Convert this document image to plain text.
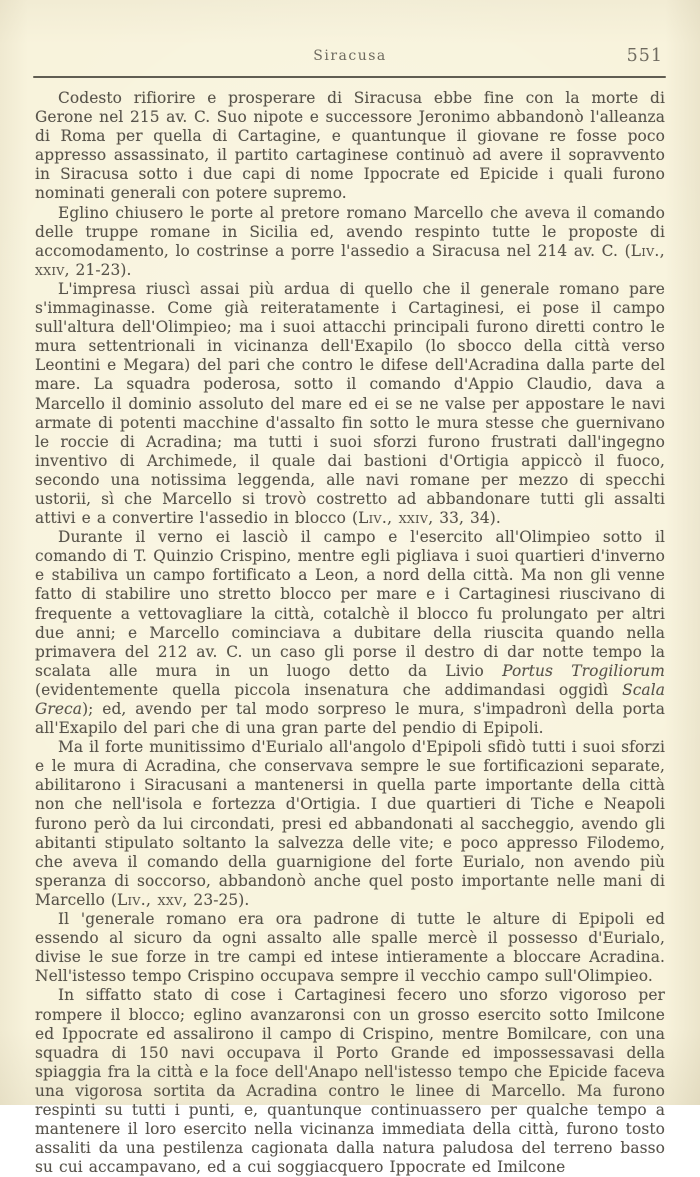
Siracusa	551

Codesto rifiorire e prosperare di Siracusa ebbe fine con la morte di Gerone nel 215 av. C. Suo nipote e successore Jeronimo abbandonò l'alleanza di Roma per quella di Cartagine, e quantunque il giovane re fosse poco appresso assassinato, il partito cartaginese continuò ad avere il sopravvento in Siracusa sotto i due capi di nome Ippocrate ed Epicide i quali furono nominati generali con potere supremo.

Eglino chiusero le porte al pretore romano Marcello che aveva il comando delle truppe romane in Sicilia ed, avendo respinto tutte le proposte di accomodamento, lo costrinse a porre l'assedio a Siracusa nel 214 av. C. (Liv., xxiv, 21-23).

L'impresa riuscì assai più ardua di quello che il generale romano pare s'immaginasse. Come già reiteratamente i Cartaginesi, ei pose il campo sull'altura dell'Olimpieo; ma i suoi attacchi principali furono diretti contro le mura settentrionali in vicinanza dell'Exapilo (lo sbocco della città verso Leontini e Megara) del pari che contro le difese dell'Acradina dalla parte del mare. La squadra poderosa, sotto il comando d'Appio Claudio, dava a Marcello il dominio assoluto del mare ed ei se ne valse per appostare le navi armate di potenti macchine d'assalto fin sotto le mura stesse che guernivano le roccie di Acradina; ma tutti i suoi sforzi furono frustrati dall'ingegno inventivo di Archimede, il quale dai bastioni d'Ortigia appiccò il fuoco, secondo una notissima leggenda, alle navi romane per mezzo di specchi ustorii, sì che Marcello si trovò costretto ad abbandonare tutti gli assalti attivi e a convertire l'assedio in blocco (Liv., xxiv, 33, 34).

Durante il verno ei lasciò il campo e l'esercito all'Olimpieo sotto il comando di T. Quinzio Crispino, mentre egli pigliava i suoi quartieri d'inverno e stabiliva un campo fortificato a Leon, a nord della città. Ma non gli venne fatto di stabilire uno stretto blocco per mare e i Cartaginesi riuscivano di frequente a vettovagliare la città, cotalchè il blocco fu prolungato per altri due anni; e Marcello cominciava a dubitare della riuscita quando nella primavera del 212 av. C. un caso gli porse il destro di dar notte tempo la scalata alle mura in un luogo detto da Livio Portus Trogiliorum (evidentemente quella piccola insenatura che addimandasi oggidì Scala Greca); ed, avendo per tal modo sorpreso le mura, s'impadronì della porta all'Exapilo del pari che di una gran parte del pendio di Epipoli.

Ma il forte munitissimo d'Eurialo all'angolo d'Epipoli sfidò tutti i suoi sforzi e le mura di Acradina, che conservava sempre le sue fortificazioni separate, abilitarono i Siracusani a mantenersi in quella parte importante della città non che nell'isola e fortezza d'Ortigia. I due quartieri di Tiche e Neapoli furono però da lui circondati, presi ed abbandonati al saccheggio, avendo gli abitanti stipulato soltanto la salvezza delle vite; e poco appresso Filodemo, che aveva il comando della guarnigione del forte Eurialo, non avendo più speranza di soccorso, abbandonò anche quel posto importante nelle mani di Marcello (Liv., xxv, 23-25).

Il 'generale romano era ora padrone di tutte le alture di Epipoli ed essendo al sicuro da ogni assalto alle spalle mercè il possesso d'Eurialo, divise le sue forze in tre campi ed intese intieramente a bloccare Acradina. Nell'istesso tempo Crispino occupava sempre il vecchio campo sull'Olimpieo.

In siffatto stato di cose i Cartaginesi fecero uno sforzo vigoroso per rompere il blocco; eglino avanzaronsi con un grosso esercito sotto Imilcone ed Ippocrate ed assalirono il campo di Crispino, mentre Bomilcare, con una squadra di 150 navi occupava il Porto Grande ed impossessavasi della spiaggia fra la città e la foce dell'Anapo nell'istesso tempo che Epicide faceva una vigorosa sortita da Acradina contro le linee di Marcello. Ma furono respinti su tutti i punti, e, quantunque continuassero per qualche tempo a mantenere il loro esercito nella vicinanza immediata della città, furono tosto assaliti da una pestilenza cagionata dalla natura paludosa del terreno basso su cui accampavano, ed a cui soggiacquero Ippocrate ed Imilcone
